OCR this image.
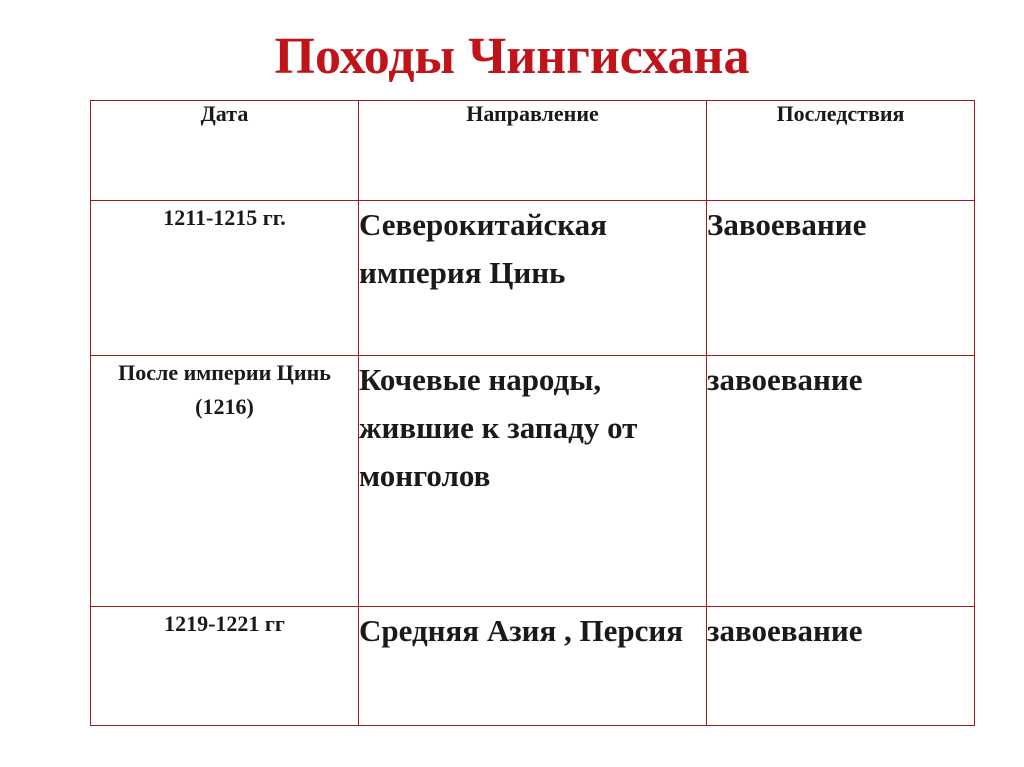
Походы Чингисхана
Дата	Направление	Последствия
1211-1215 гг.	Северокитайская империя Цинь	Завоевание
После империи Цинь (1216)	Кочевые народы, жившие к западу от монголов	завоевание
1219-1221 гг	Средняя Азия , Персия	завоевание
